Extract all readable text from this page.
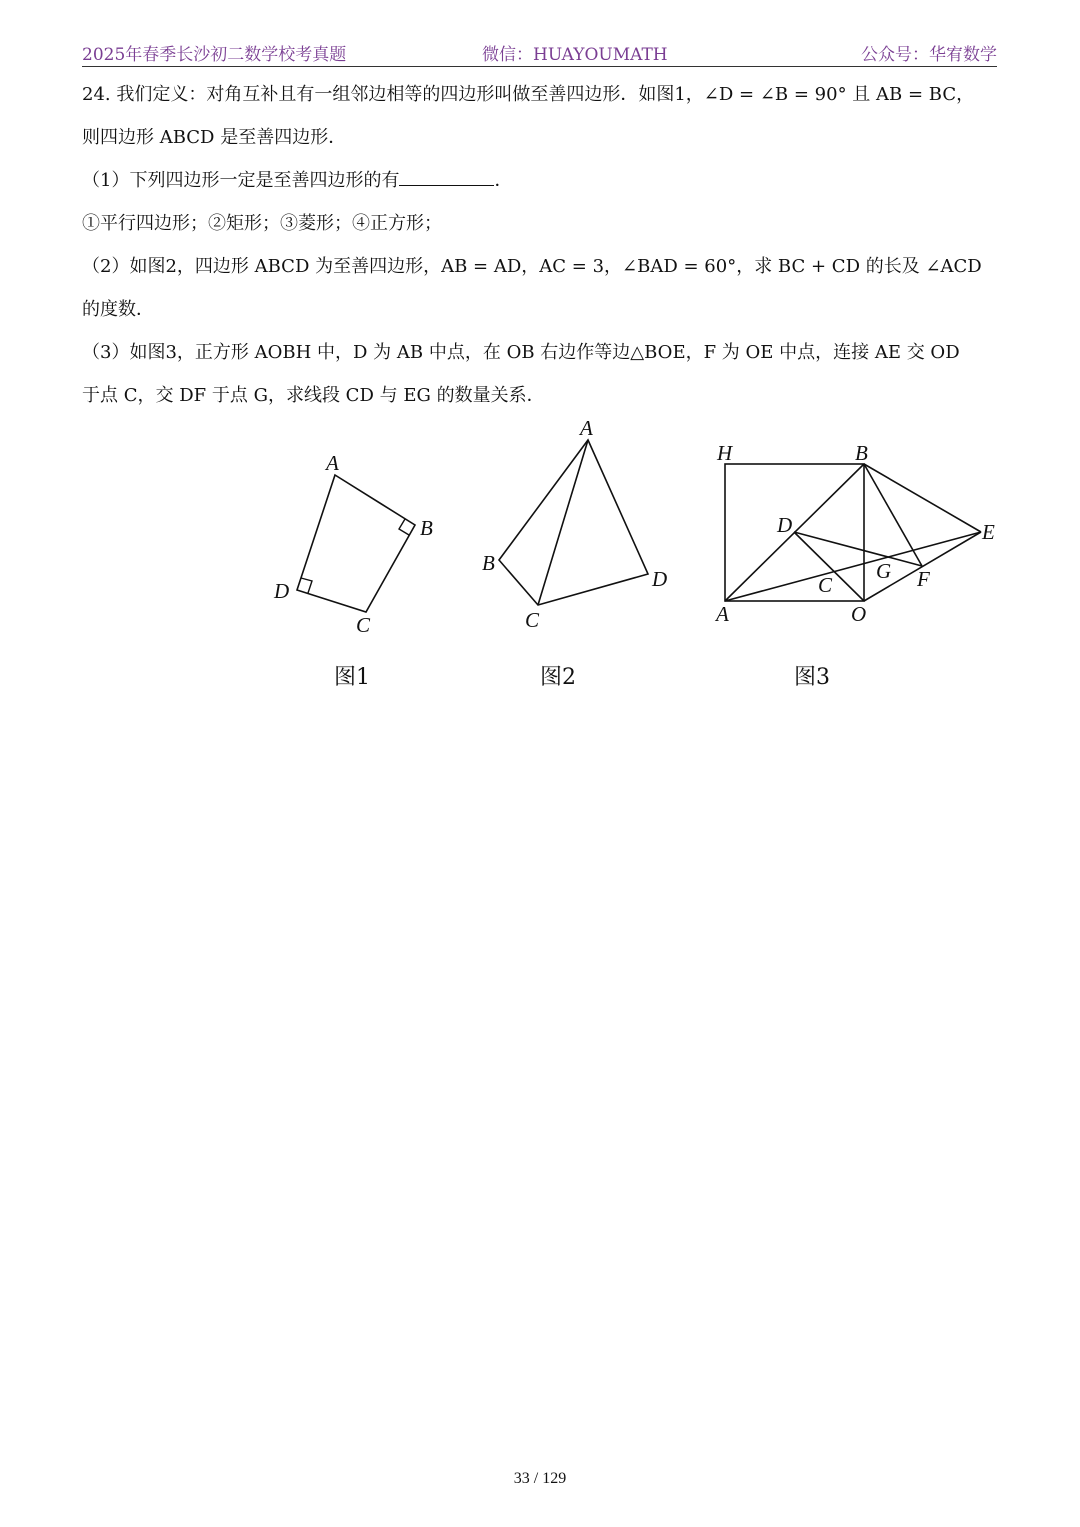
2025年春季长沙初二数学校考真题	微信：HUAYOUMATH	公众号：华宥数学
24. 我们定义：对角互补且有一组邻边相等的四边形叫做至善四边形．如图1，∠D = ∠B = 90° 且 AB = BC，
则四边形 ABCD 是至善四边形．
（1）下列四边形一定是至善四边形的有	．
①平行四边形；②矩形；③菱形；④正方形；
（2）如图2，四边形 ABCD 为至善四边形，AB = AD，AC = 3，∠BAD = 60°，求 BC + CD 的长及 ∠ACD
的度数．
（3）如图3，正方形 AOBH 中，D 为 AB 中点，在 OB 右边作等边△BOE，F 为 OE 中点，连接 AE 交 OD
于点 C，交 DF 于点 G，求线段 CD 与 EG 的数量关系．
A
B
C
D
A
B
C
D
H	B
D	E
C
G F
A	O
图1	图2	图3
33 / 129
